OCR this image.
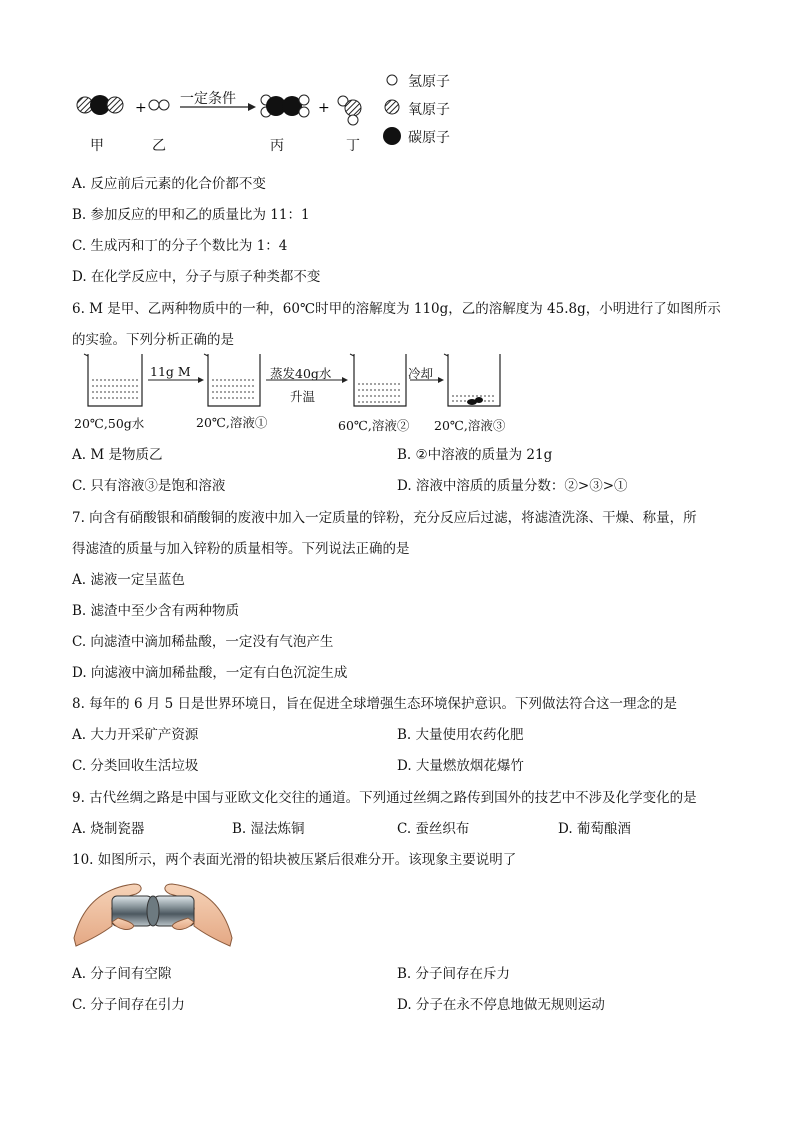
+	+
一定条件
甲	乙	丙	丁
氢原子
氧原子
碳原子
A. 反应前后元素的化合价都不变
B. 参加反应的甲和乙的质量比为 11：1
C. 生成丙和丁的分子个数比为 1：4
D. 在化学反应中，分子与原子种类都不变
6. M 是甲、乙两种物质中的一种，60℃时甲的溶解度为 110g，乙的溶解度为 45.8g，小明进行了如图所示
的实验。下列分析正确的是
11g M	蒸发40g水
升温
冷却
20℃,50g水	20℃,溶液①	60℃,溶液② 20℃,溶液③
A. M 是物质乙	B. ②中溶液的质量为 21g
C. 只有溶液③是饱和溶液	D. 溶液中溶质的质量分数：②>③>①
7. 向含有硝酸银和硝酸铜的废液中加入一定质量的锌粉，充分反应后过滤，将滤渣洗涤、干燥、称量，所
得滤渣的质量与加入锌粉的质量相等。下列说法正确的是
A. 滤液一定呈蓝色
B. 滤渣中至少含有两种物质
C. 向滤渣中滴加稀盐酸，一定没有气泡产生
D. 向滤液中滴加稀盐酸，一定有白色沉淀生成
8. 每年的 6 月 5 日是世界环境日，旨在促进全球增强生态环境保护意识。下列做法符合这一理念的是
A. 大力开采矿产资源	B. 大量使用农药化肥
C. 分类回收生活垃圾	D. 大量燃放烟花爆竹
9. 古代丝绸之路是中国与亚欧文化交往的通道。下列通过丝绸之路传到国外的技艺中不涉及化学变化的是
A. 烧制瓷器	B. 湿法炼铜	C. 蚕丝织布	D. 葡萄酿酒
10. 如图所示，两个表面光滑的铅块被压紧后很难分开。该现象主要说明了
A. 分子间有空隙	B. 分子间存在斥力
C. 分子间存在引力	D. 分子在永不停息地做无规则运动
